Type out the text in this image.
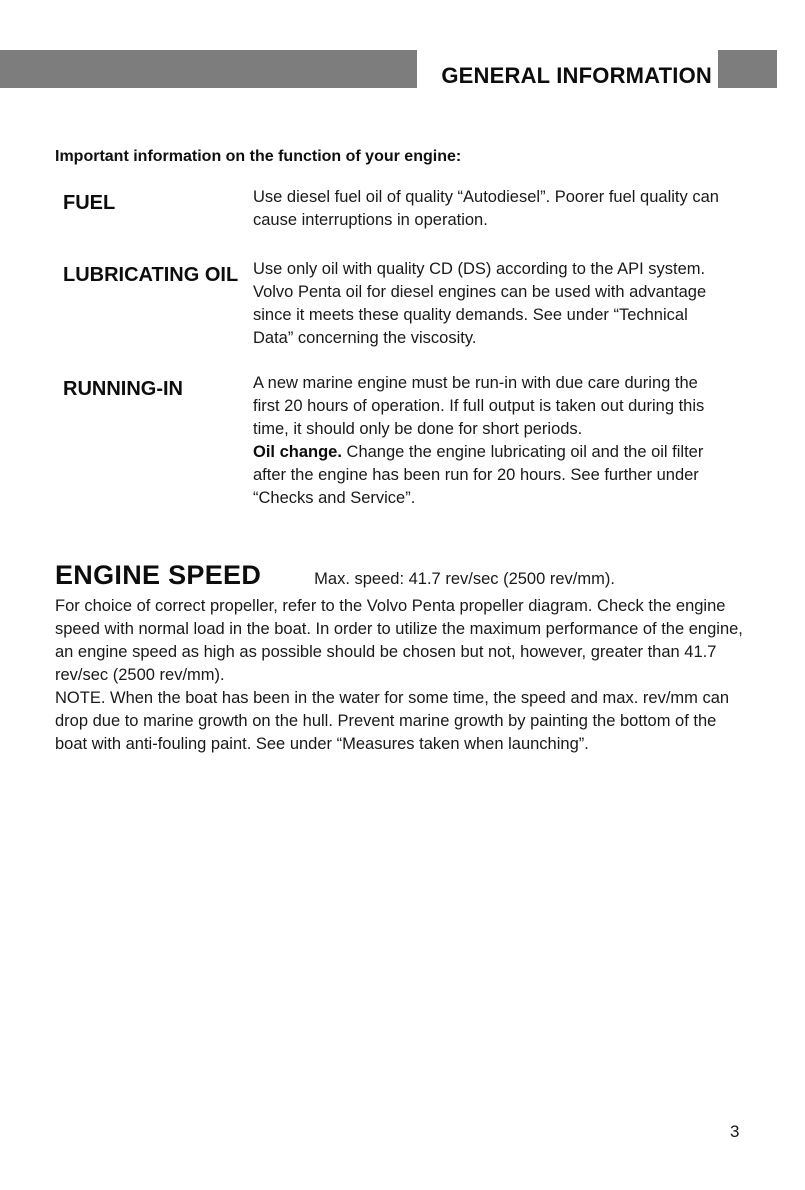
GENERAL INFORMATION
Important information on the function of your engine:
FUEL	Use diesel fuel oil of quality “Autodiesel”. Poorer fuel quality can cause interruptions in operation.
LUBRICATING OIL Use only oil with quality CD (DS) according to the API system. Volvo Penta oil for diesel engines can be used with advantage since it meets these quality demands. See under “Technical Data” concerning the viscosity.
RUNNING-IN	A new marine engine must be run-in with due care during the first 20 hours of operation. If full output is taken out during this time, it should only be done for short periods.
Oil change. Change the engine lubricating oil and the oil filter after the engine has been run for 20 hours. See further under “Checks and Service”.
ENGINE SPEED	Max. speed: 41.7 rev/sec (2500 rev/mm).

For choice of correct propeller, refer to the Volvo Penta propeller diagram. Check the engine speed with normal load in the boat. In order to utilize the maximum performance of the engine, an engine speed as high as possible should be chosen but not, however, greater than 41.7 rev/sec (2500 rev/mm).

NOTE. When the boat has been in the water for some time, the speed and max. rev/mm can drop due to marine growth on the hull. Prevent marine growth by painting the bottom of the boat with anti-fouling paint. See under “Measures taken when launching”.

3
